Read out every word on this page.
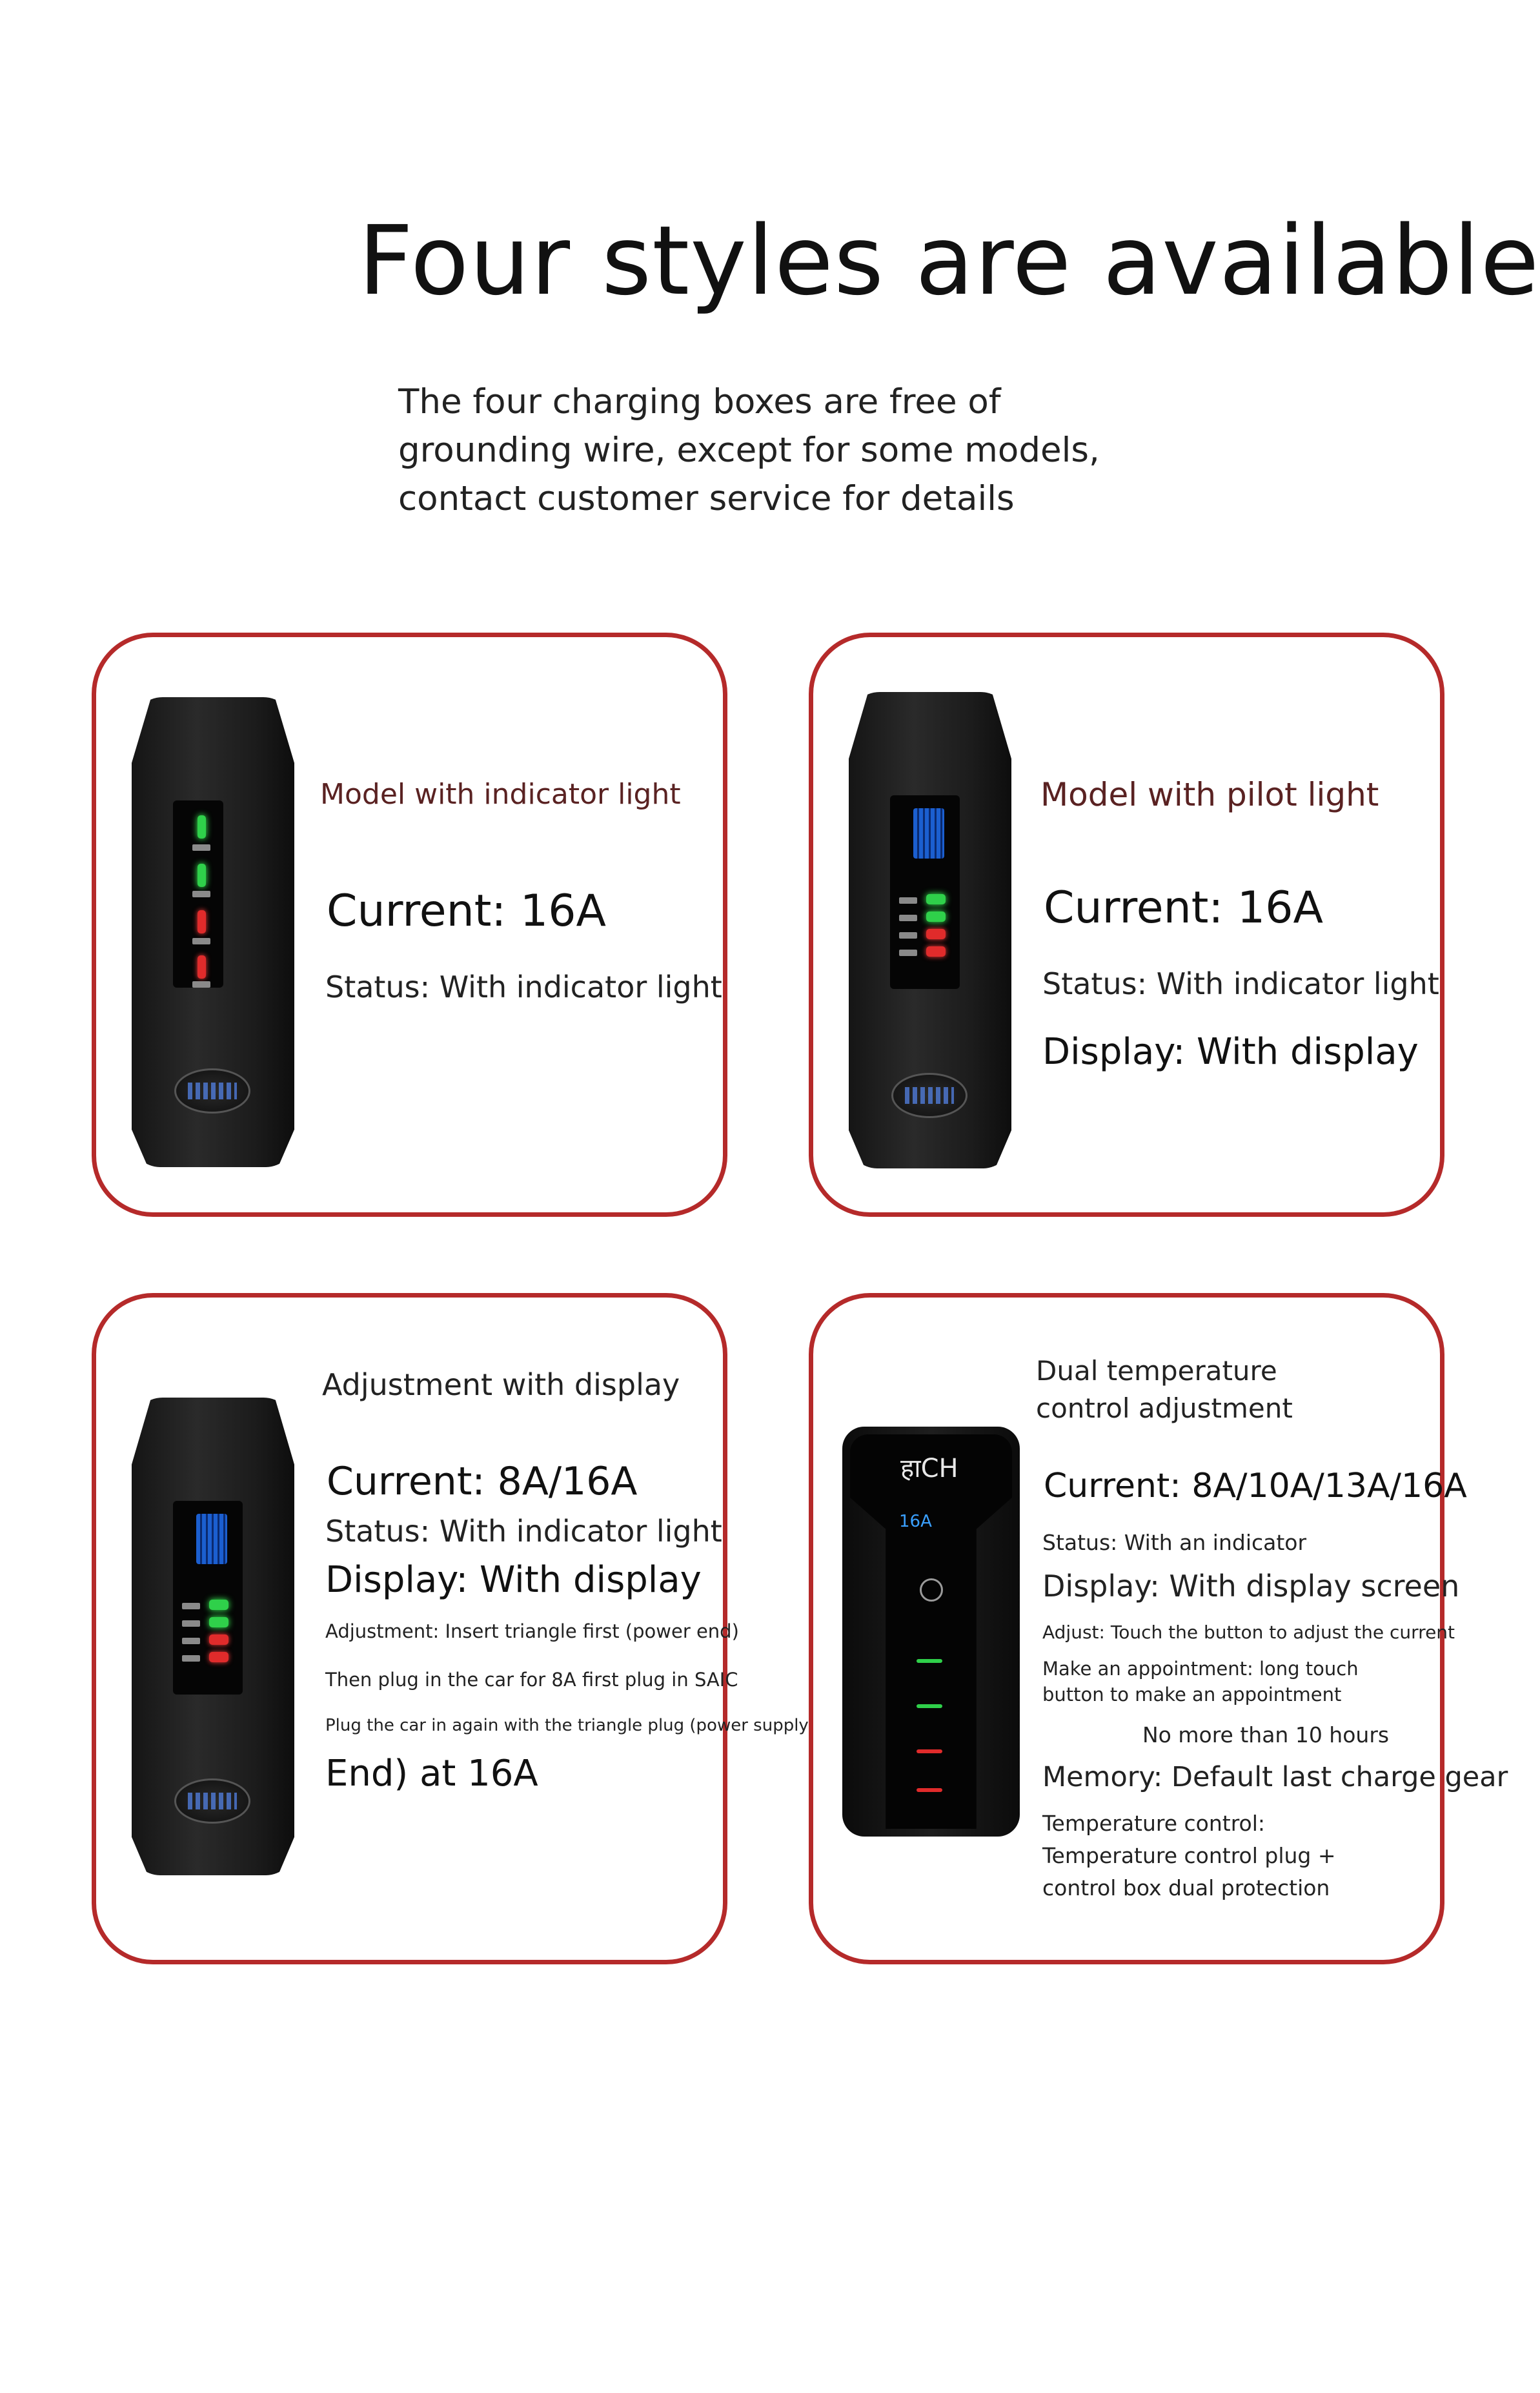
Four styles are available
The four charging boxes are free of grounding wire, except for some models, contact customer service for details
Model with indicator light
Current: 16A
Status: With indicator light
Model with pilot light
Current: 16A
Status: With indicator light
Display: With display
Adjustment with display
Current: 8A/16A
Status: With indicator light
Display: With display
Adjustment: Insert triangle first (power end)
Then plug in the car for 8A first plug in SAIC
Plug the car in again with the triangle plug (power supply
End) at 16A
हाCH
16A
Dual temperature control adjustment
Current: 8A/10A/13A/16A
Status: With an indicator
Display: With display screen
Adjust: Touch the button to adjust the current
Make an appointment: long touch button to make an appointment
No more than 10 hours
Memory: Default last charge gear
Temperature control: Temperature control plug + control box dual protection
